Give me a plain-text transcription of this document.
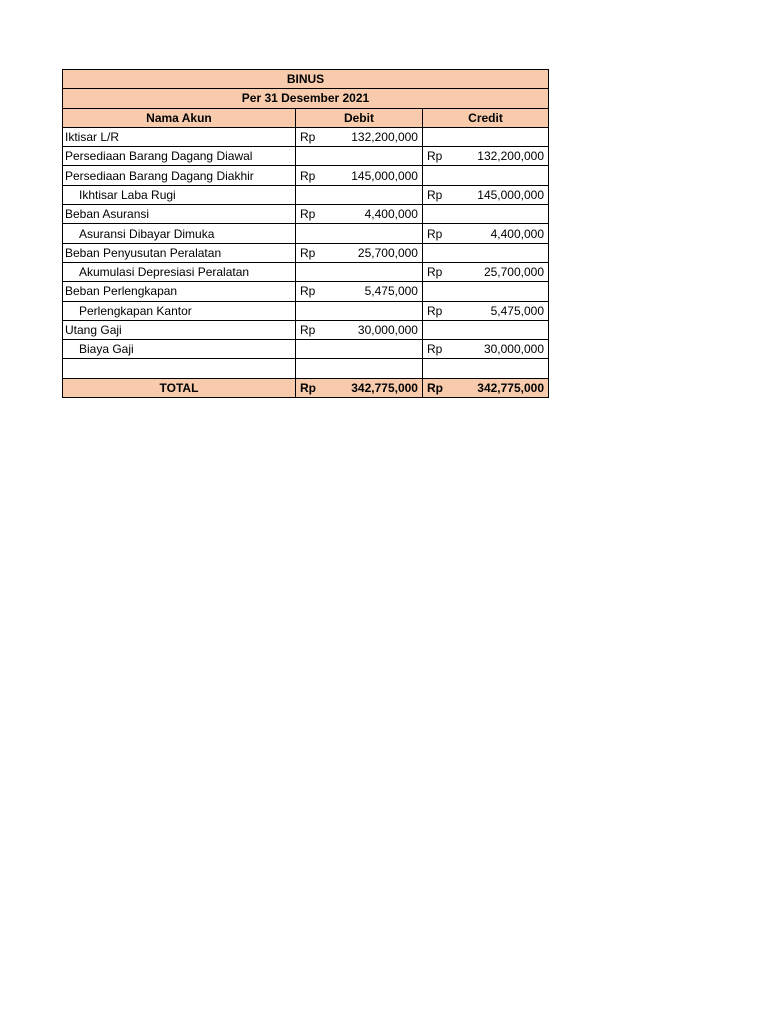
BINUS				
Per 31 Desember 2021				
Nama Akun	Debit		Credit	
Iktisar L/R	Rp	132,200,000		
Persediaan Barang Dagang Diawal			Rp	132,200,000
Persediaan Barang Dagang Diakhir	Rp	145,000,000		
Ikhtisar Laba Rugi			Rp	145,000,000
Beban Asuransi	Rp	4,400,000		
Asuransi Dibayar Dimuka			Rp	4,400,000
Beban Penyusutan Peralatan	Rp	25,700,000		
Akumulasi Depresiasi Peralatan			Rp	25,700,000
Beban Perlengkapan	Rp	5,475,000		
Perlengkapan Kantor			Rp	5,475,000
Utang Gaji	Rp	30,000,000		
Biaya Gaji			Rp	30,000,000

TOTAL	Rp	342,775,000	Rp	342,775,000
